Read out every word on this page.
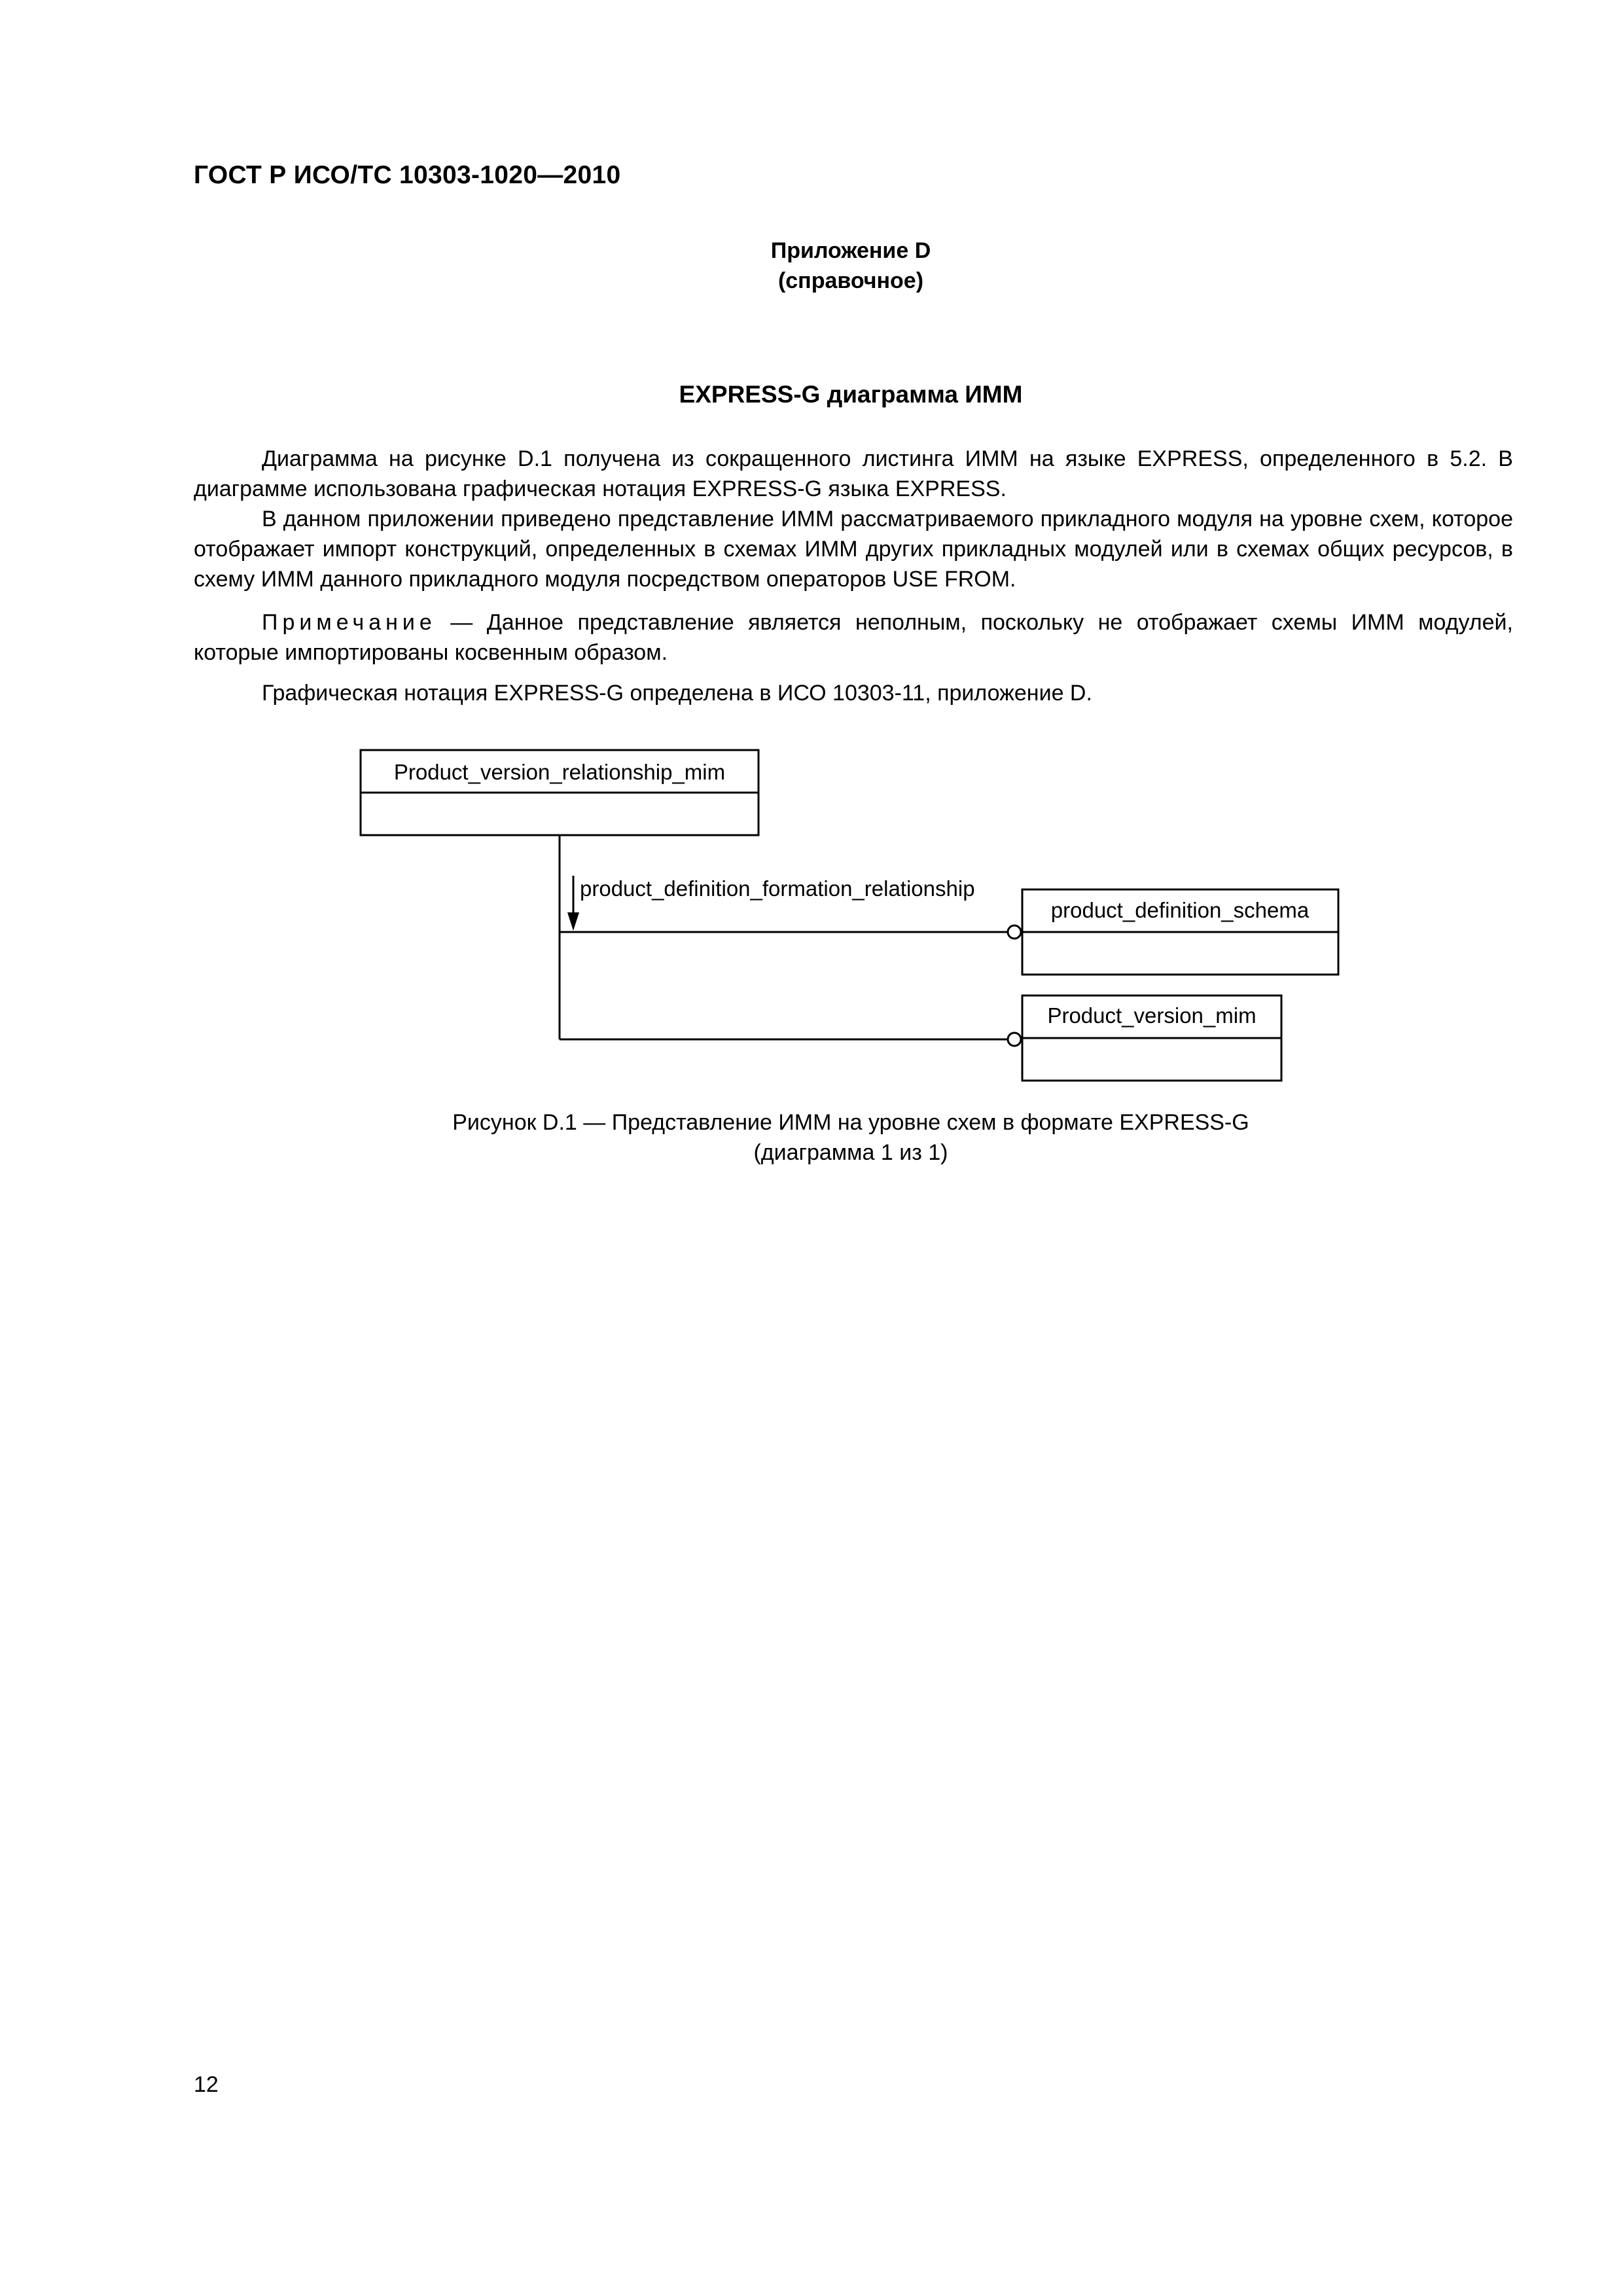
ГОСТ Р ИСО/ТС 10303-1020—2010
Приложение D
(справочное)
EXPRESS-G диаграмма ИММ

Диаграмма на рисунке D.1 получена из сокращенного листинга ИММ на языке EXPRESS, определенного в 5.2. В диаграмме использована графическая нотация EXPRESS-G языка EXPRESS.

В данном приложении приведено представление ИММ рассматриваемого прикладного модуля на уровне схем, которое отображает импорт конструкций, определенных в схемах ИММ других прикладных модулей или в схемах общих ресурсов, в схему ИММ данного прикладного модуля посредством операторов USE FROM.

Примечание — Данное представление является неполным, поскольку не отображает схемы ИММ модулей, которые импортированы косвенным образом.

Графическая нотация EXPRESS-G определена в ИСО 10303-11, приложение D.

Product_version_relationship_mim
product_definition_formation_relationship
product_definition_schema
Product_version_mim
Рисунок D.1 — Представление ИММ на уровне схем в формате EXPRESS-G
(диаграмма 1 из 1)

12
